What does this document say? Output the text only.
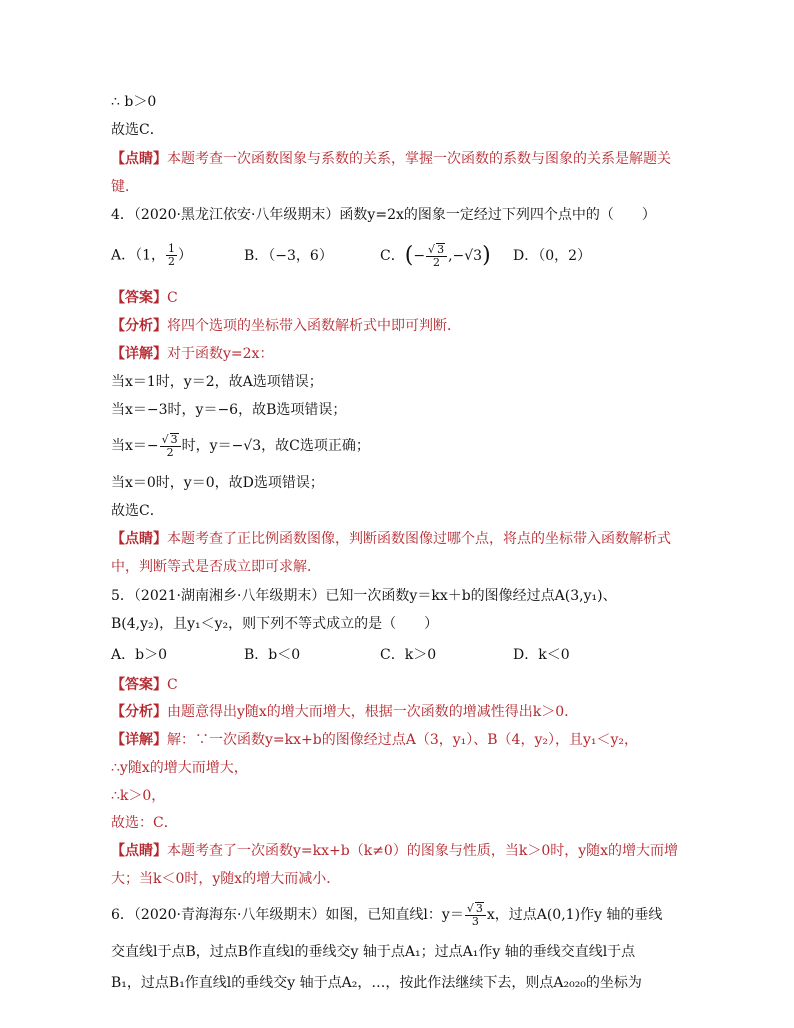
∴ b＞0
故选C．
【点睛】本题考查一次函数图象与系数的关系，掌握一次函数的系数与图象的关系是解题关
键．
4．（2020·黑龙江依安·八年级期末）函数y=2x的图象一定经过下列四个点中的（　　）
A．（1， $\frac{1}{2}$ ）	B．（−3，6）	C．(− $\frac{√ 3}{2} ,-√3$) D．（0，2）
【答案】C
【分析】将四个选项的坐标带入函数解析式中即可判断．
【详解】对于函数y=2x：
当x＝1时，y＝2，故A选项错误；
当x＝−3时，y＝−6，故B选项错误；
当$x=- \frac{√ 3}{2}$ 时，y＝−√3，故C选项正确；
当x＝0时，y＝0，故D选项错误；
故选C．
【点睛】本题考查了正比例函数图像，判断函数图像过哪个点，将点的坐标带入函数解析式
中，判断等式是否成立即可求解．
5．（2021·湖南湘乡·八年级期末）已知一次函数y＝kx＋b的图像经过点A(3,y₁)、
B(4,y₂)，且y₁＜y₂，则下列不等式成立的是（　　）
A．b＞0	B．b＜0	C．k＞0	D．k＜0
【答案】C
【分析】由题意得出y随x的增大而增大，根据一次函数的增减性得出k＞0．
【详解】解：∵一次函数y=kx+b的图像经过点A（3，y₁）、B（4，y₂），且y₁＜y₂，
∴y随x的增大而增大，
∴k＞0，
故选：C．
【点睛】本题考查了一次函数y=kx+b（k≠0）的图象与性质，当k＞0时，y随x的增大而增
大；当k＜0时，y随x的增大而减小．
6．（2020·青海海东·八年级期末）如图，已知直线l：$y= \frac{√ 3}{3}$ x，过点A(0,1)作y 轴的垂线
交直线l于点B，过点B作直线l的垂线交y 轴于点A₁；过点A₁作y 轴的垂线交直线l于点
B₁，过点B₁作直线l的垂线交y 轴于点A₂，…，按此作法继续下去，则点A₂₀₂₀的坐标为
